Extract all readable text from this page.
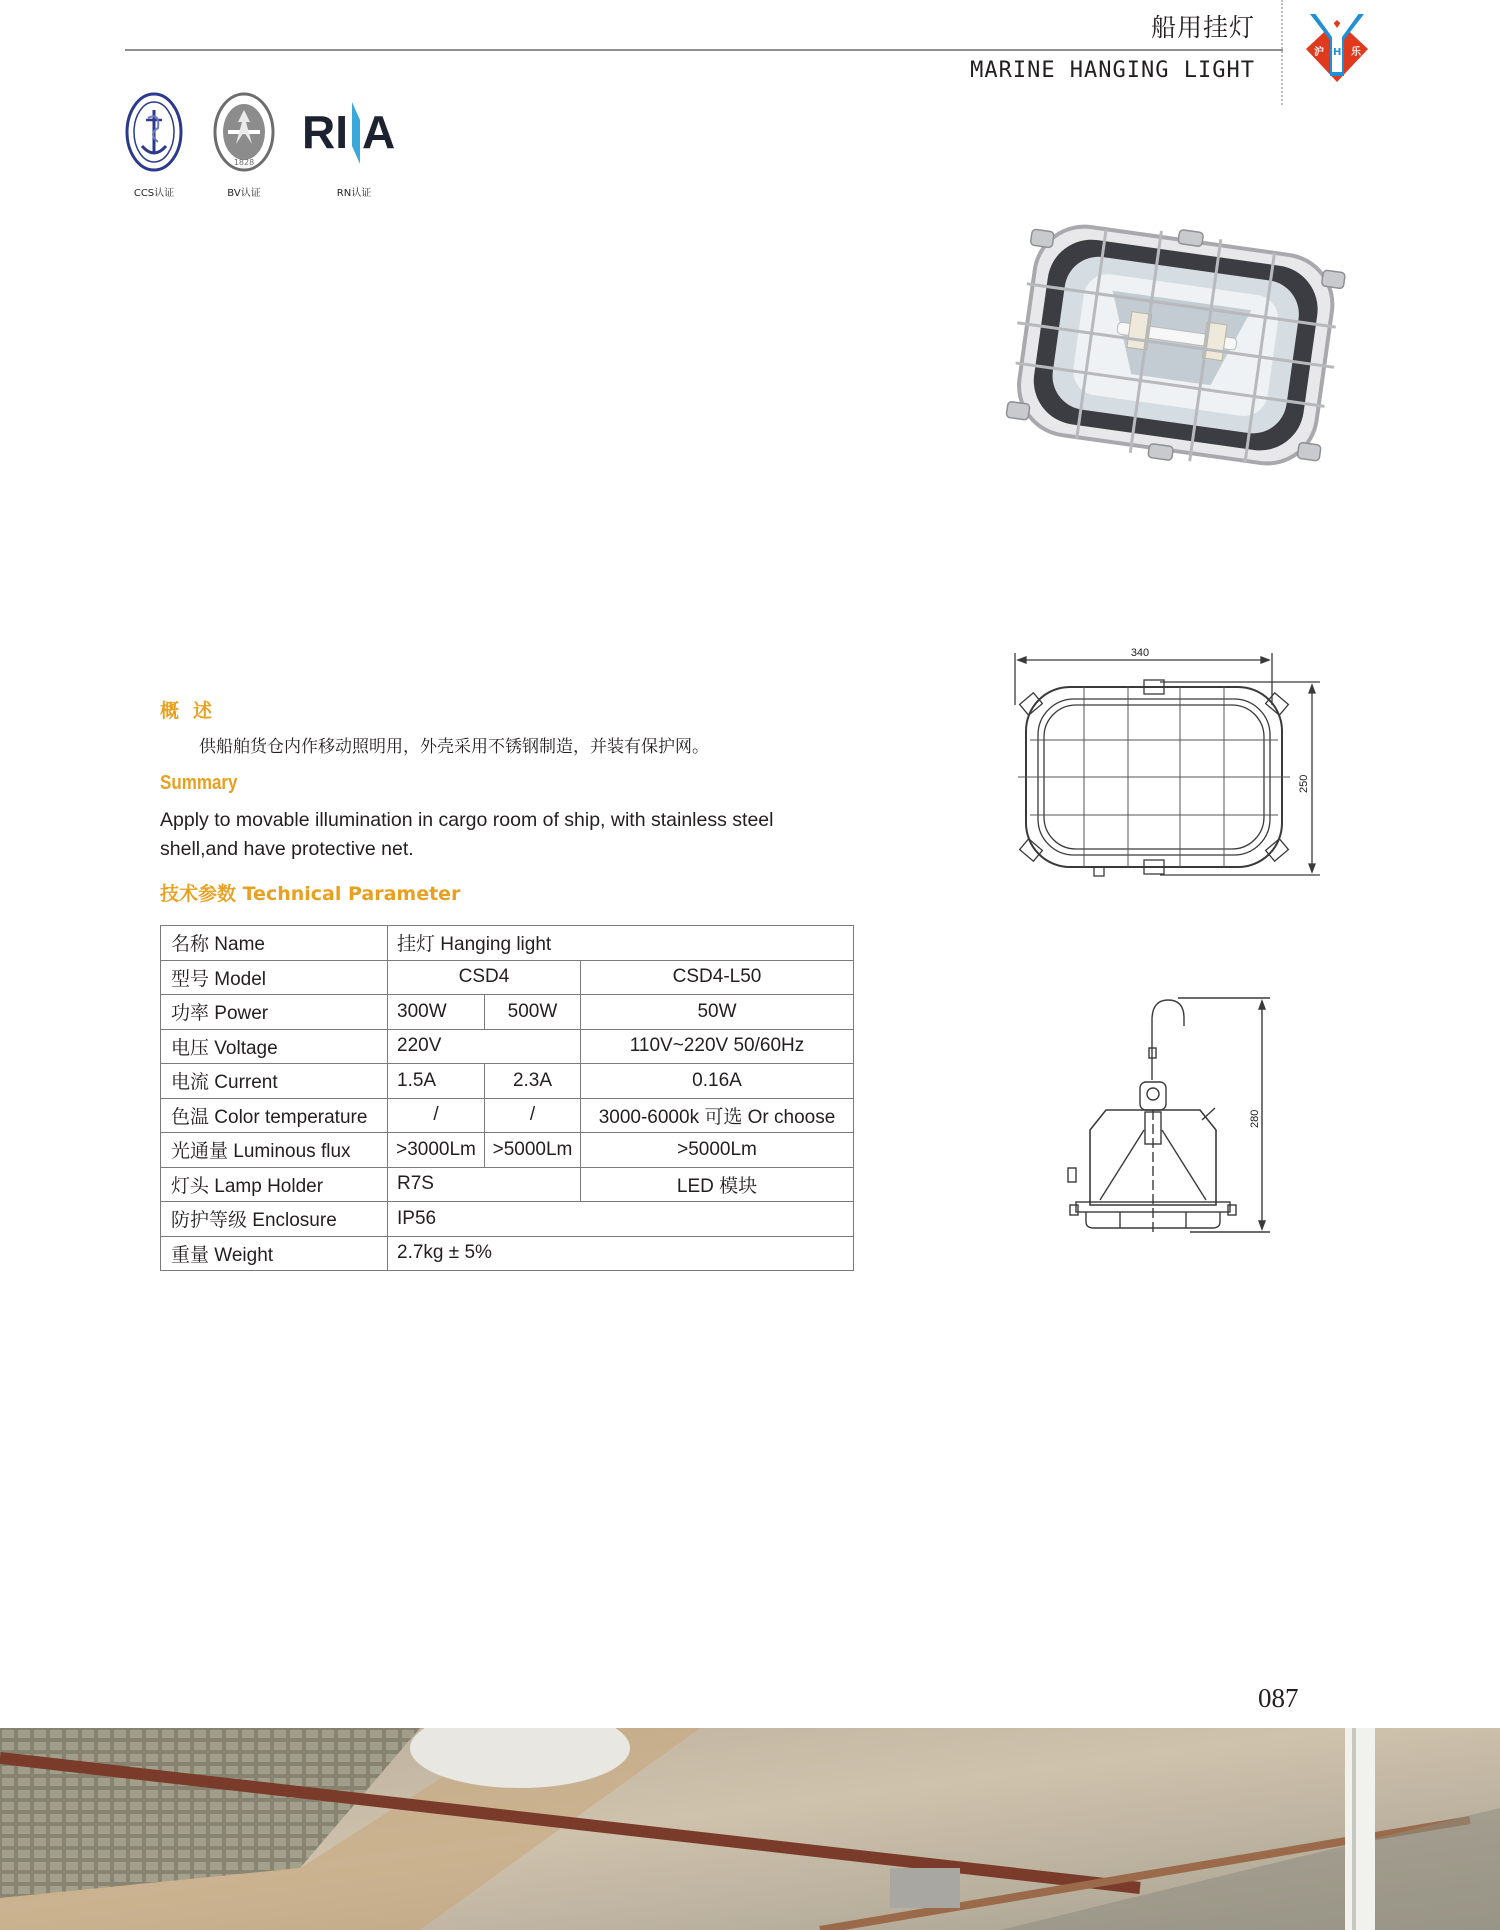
船用挂灯
MARINE HANGING LIGHT
沪 H 乐
CCS认证
1828
BV认证
RI A
RN认证
概述
供船舶货仓内作移动照明用，外壳采用不锈钢制造，并装有保护网。
Summary
Apply to movable illumination in cargo room of ship, with stainless steel shell,and have protective net.
技术参数 Technical Parameter
名称 Name	挂灯 Hanging light		
型号 Model	CSD4		CSD4-L50
功率 Power	300W	500W	50W
电压 Voltage	220V		110V~220V 50/60Hz
电流 Current	1.5A	2.3A	0.16A
色温 Color temperature	/	/	3000-6000k 可选 Or choose
光通量 Luminous flux	>3000Lm	>5000Lm	>5000Lm
灯头 Lamp Holder	R7S		LED 模块
防护等级 Enclosure	IP56		
重量 Weight	2.7kg ± 5%		
340
250
280
087
